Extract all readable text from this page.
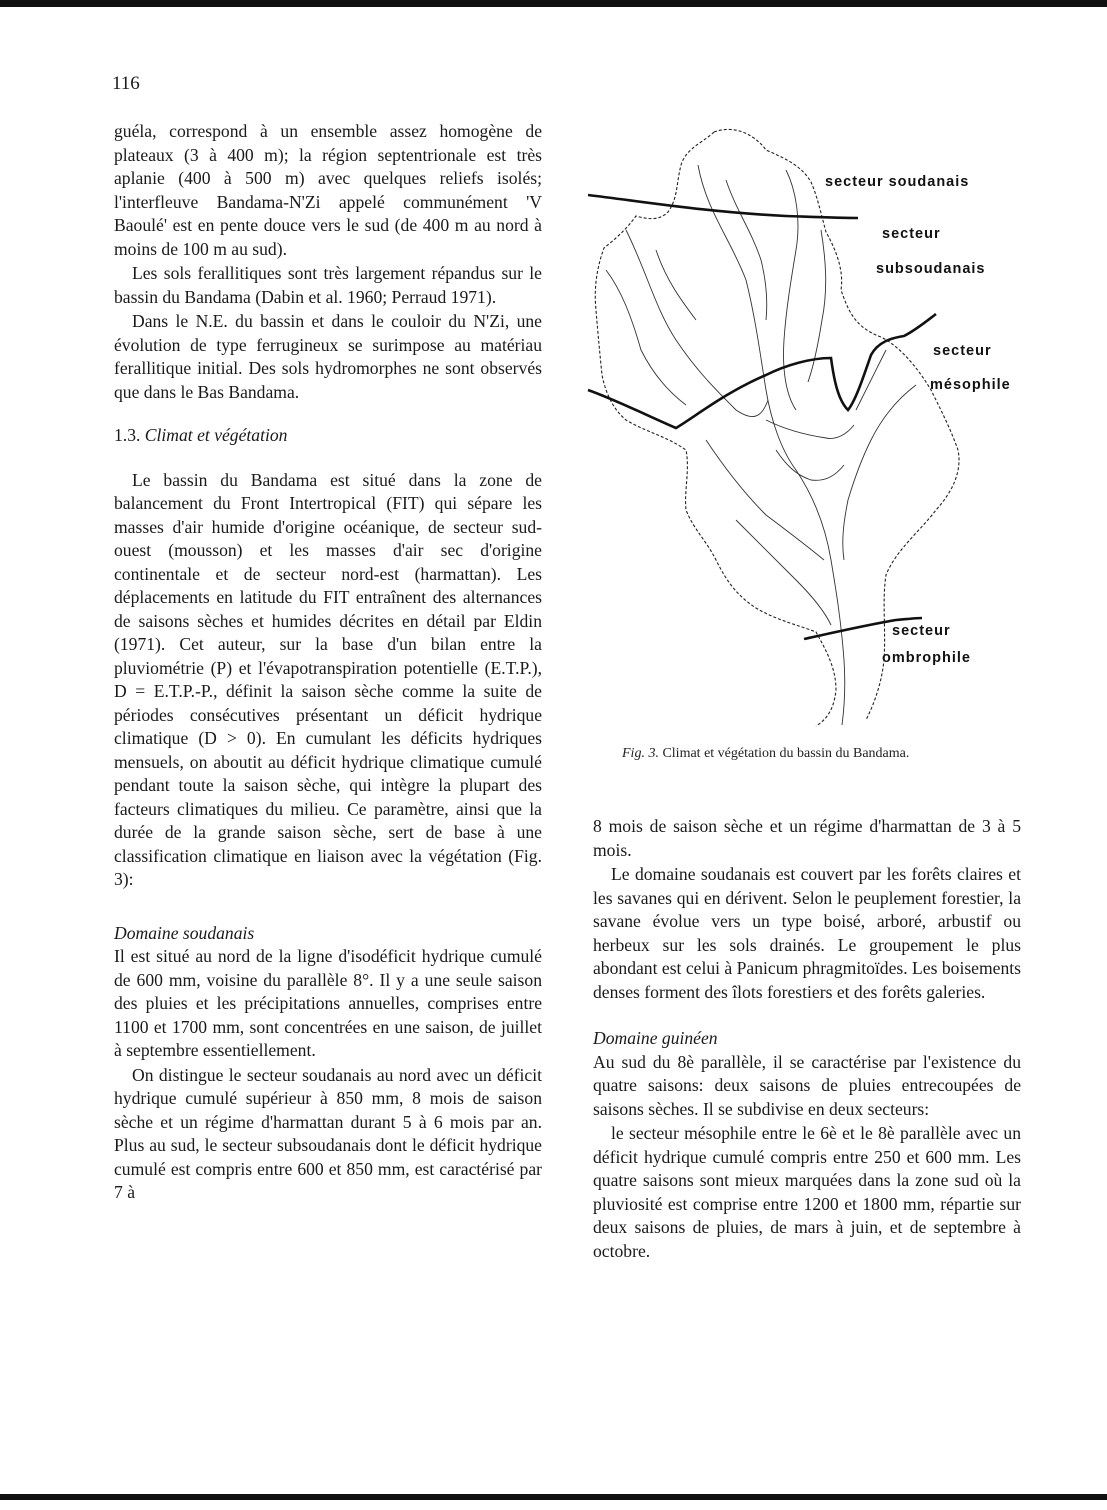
116

guéla, correspond à un ensemble assez homogène de plateaux (3 à 400 m); la région septentrionale est très aplanie (400 à 500 m) avec quelques reliefs isolés; l'interfleuve Bandama-N'Zi appelé communément 'V Baoulé' est en pente douce vers le sud (de 400 m au nord à moins de 100 m au sud).

Les sols ferallitiques sont très largement répandus sur le bassin du Bandama (Dabin et al. 1960; Perraud 1971).

Dans le N.E. du bassin et dans le couloir du N'Zi, une évolution de type ferrugineux se surimpose au matériau ferallitique initial. Des sols hydromorphes ne sont observés que dans le Bas Bandama.

1.3. Climat et végétation

Le bassin du Bandama est situé dans la zone de balancement du Front Intertropical (FIT) qui sépare les masses d'air humide d'origine océanique, de secteur sud-ouest (mousson) et les masses d'air sec d'origine continentale et de secteur nord-est (harmattan). Les déplacements en latitude du FIT entraînent des alternances de saisons sèches et humides décrites en détail par Eldin (1971). Cet auteur, sur la base d'un bilan entre la pluviométrie (P) et l'évapotranspiration potentielle (E.T.P.), D = E.T.P.-P., définit la saison sèche comme la suite de périodes consécutives présentant un déficit hydrique climatique (D > 0). En cumulant les déficits hydriques mensuels, on aboutit au déficit hydrique climatique cumulé pendant toute la saison sèche, qui intègre la plupart des facteurs climatiques du milieu. Ce paramètre, ainsi que la durée de la grande saison sèche, sert de base à une classification climatique en liaison avec la végétation (Fig. 3):

Domaine soudanais

Il est situé au nord de la ligne d'isodéficit hydrique cumulé de 600 mm, voisine du parallèle 8°. Il y a une seule saison des pluies et les précipitations annuelles, comprises entre 1100 et 1700 mm, sont concentrées en une saison, de juillet à septembre essentiellement.

On distingue le secteur soudanais au nord avec un déficit hydrique cumulé supérieur à 850 mm, 8 mois de saison sèche et un régime d'harmattan durant 5 à 6 mois par an. Plus au sud, le secteur subsoudanais dont le déficit hydrique cumulé est compris entre 600 et 850 mm, est caractérisé par 7 à

secteur soudanais
secteur
subsoudanais
secteur
mésophile
secteur
ombrophile
Fig. 3. Climat et végétation du bassin du Bandama.

8 mois de saison sèche et un régime d'harmattan de 3 à 5 mois.

Le domaine soudanais est couvert par les forêts claires et les savanes qui en dérivent. Selon le peuplement forestier, la savane évolue vers un type boisé, arboré, arbustif ou herbeux sur les sols drainés. Le groupement le plus abondant est celui à Panicum phragmitoïdes. Les boisements denses forment des îlots forestiers et des forêts galeries.

Domaine guinéen

Au sud du 8è parallèle, il se caractérise par l'existence du quatre saisons: deux saisons de pluies entrecoupées de saisons sèches. Il se subdivise en deux secteurs:

le secteur mésophile entre le 6è et le 8è parallèle avec un déficit hydrique cumulé compris entre 250 et 600 mm. Les quatre saisons sont mieux marquées dans la zone sud où la pluviosité est comprise entre 1200 et 1800 mm, répartie sur deux saisons de pluies, de mars à juin, et de septembre à octobre.
